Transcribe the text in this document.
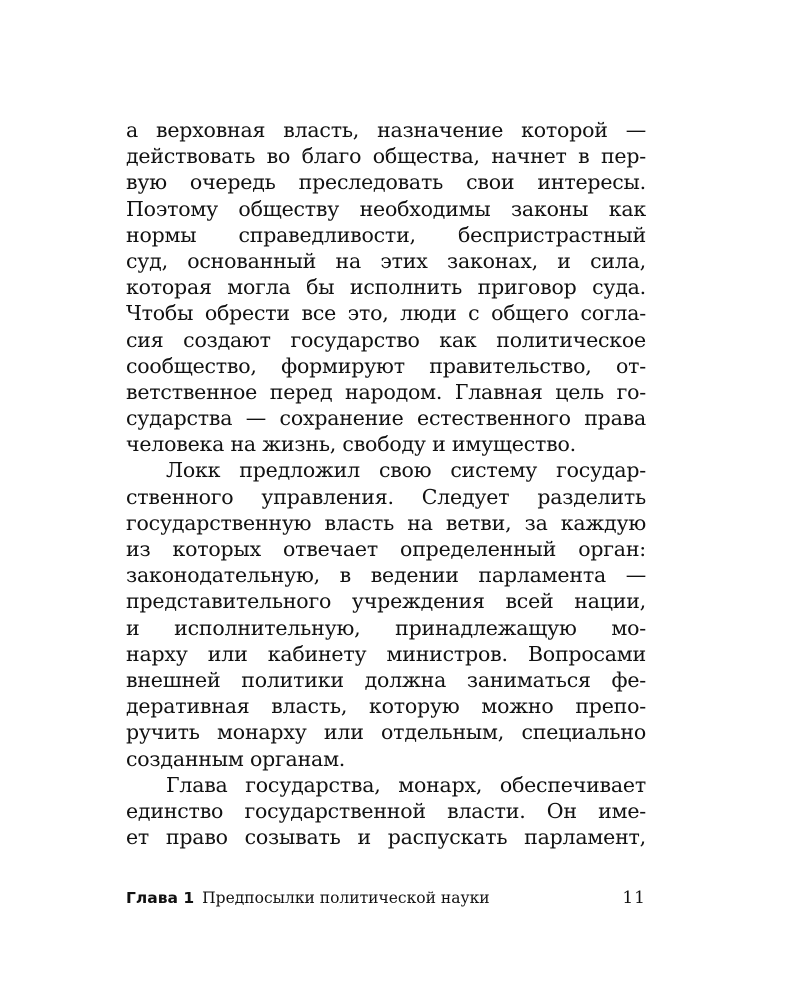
а верховная власть, назначение которой —
действовать во благо общества, начнет в пер-
вую очередь преследовать свои интересы.
Поэтому обществу необходимы законы как
нормы справедливости, беспристрастный
суд, основанный на этих законах, и сила,
которая могла бы исполнить приговор суда.
Чтобы обрести все это, люди с общего согла-
сия создают государство как политическое
сообщество, формируют правительство, от-
ветственное перед народом. Главная цель го-
сударства — сохранение естественного права
человека на жизнь, свободу и имущество.
Локк предложил свою систему государ-
ственного управления. Следует разделить
государственную власть на ветви, за каждую
из которых отвечает определенный орган:
законодательную, в ведении парламента —
представительного учреждения всей нации,
и исполнительную, принадлежащую мо-
нарху или кабинету министров. Вопросами
внешней политики должна заниматься фе-
деративная власть, которую можно препо-
ручить монарху или отдельным, специально
созданным органам.
Глава государства, монарх, обеспечивает
единство государственной власти. Он име-
ет право созывать и распускать парламент,
Глава 1 Предпосылки политической науки	11
